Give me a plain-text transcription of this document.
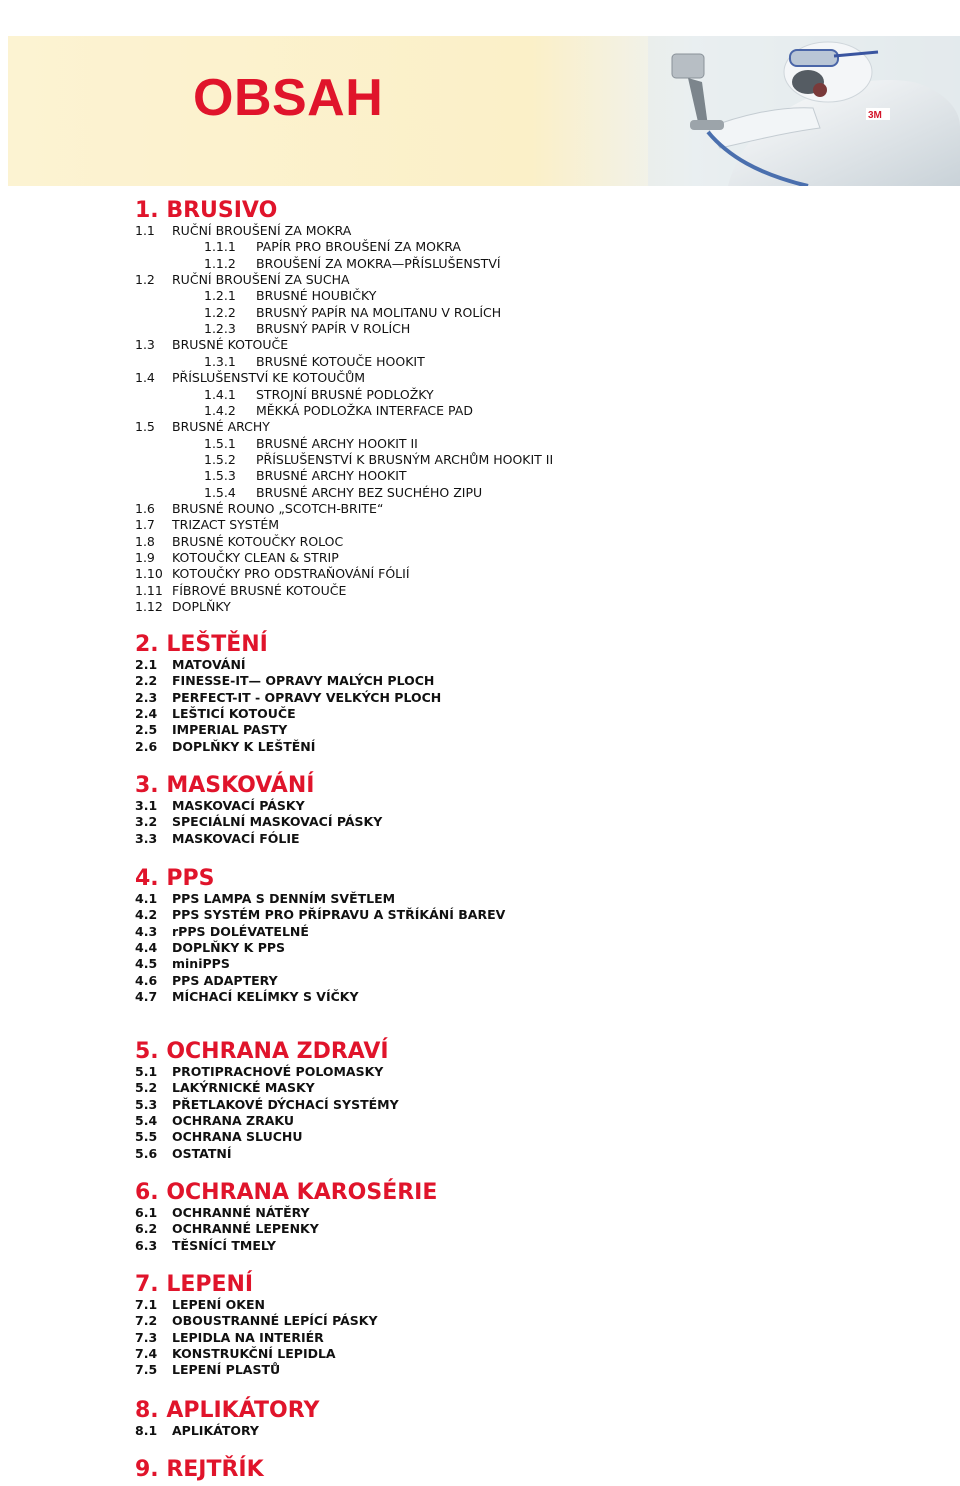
3M
OBSAH
1. BRUSIVO
1.1 RUČNÍ BROUŠENÍ ZA MOKRA
1.1.1 PAPÍR PRO BROUŠENÍ ZA MOKRA
1.1.2 BROUŠENÍ ZA MOKRA—PŘÍSLUŠENSTVÍ
1.2 RUČNÍ BROUŠENÍ ZA SUCHA
1.2.1 BRUSNÉ HOUBIČKY
1.2.2 BRUSNÝ PAPÍR NA MOLITANU V ROLÍCH
1.2.3 BRUSNÝ PAPÍR V ROLÍCH
1.3 BRUSNÉ KOTOUČE
1.3.1 BRUSNÉ KOTOUČE HOOKIT
1.4 PŘÍSLUŠENSTVÍ KE KOTOUČŮM
1.4.1 STROJNÍ BRUSNÉ PODLOŽKY
1.4.2 MĚKKÁ PODLOŽKA INTERFACE PAD
1.5 BRUSNÉ ARCHY
1.5.1 BRUSNÉ ARCHY HOOKIT II
1.5.2 PŘÍSLUŠENSTVÍ K BRUSNÝM ARCHŮM HOOKIT II
1.5.3 BRUSNÉ ARCHY HOOKIT
1.5.4 BRUSNÉ ARCHY BEZ SUCHÉHO ZIPU
1.6 BRUSNÉ ROUNO „SCOTCH-BRITE“
1.7 TRIZACT SYSTÉM
1.8 BRUSNÉ KOTOUČKY ROLOC
1.9 KOTOUČKY CLEAN & STRIP
1.10 KOTOUČKY PRO ODSTRAŇOVÁNÍ FÓLIÍ
1.11 FÍBROVÉ BRUSNÉ KOTOUČE
1.12 DOPLŇKY
2. LEŠTĚNÍ
2.1 MATOVÁNÍ
2.2 FINESSE-IT— OPRAVY MALÝCH PLOCH
2.3 PERFECT-IT - OPRAVY VELKÝCH PLOCH
2.4 LEŠTICÍ KOTOUČE
2.5 IMPERIAL PASTY
2.6 DOPLŇKY K LEŠTĚNÍ
3. MASKOVÁNÍ
3.1 MASKOVACÍ PÁSKY
3.2 SPECIÁLNÍ MASKOVACÍ PÁSKY
3.3 MASKOVACÍ FÓLIE
4. PPS
4.1 PPS LAMPA S DENNÍM SVĚTLEM
4.2 PPS SYSTÉM PRO PŘÍPRAVU A STŘÍKÁNÍ BAREV
4.3 rPPS DOLÉVATELNÉ
4.4 DOPLŇKY K PPS
4.5 miniPPS
4.6 PPS ADAPTERY
4.7 MÍCHACÍ KELÍMKY S VÍČKY
5. OCHRANA ZDRAVÍ
5.1 PROTIPRACHOVÉ POLOMASKY
5.2 LAKÝRNICKÉ MASKY
5.3 PŘETLAKOVÉ DÝCHACÍ SYSTÉMY
5.4 OCHRANA ZRAKU
5.5 OCHRANA SLUCHU
5.6 OSTATNÍ
6. OCHRANA KAROSÉRIE
6.1 OCHRANNÉ NÁTĚRY
6.2 OCHRANNÉ LEPENKY
6.3 TĚSNÍCÍ TMELY
7. LEPENÍ
7.1 LEPENÍ OKEN
7.2 OBOUSTRANNÉ LEPÍCÍ PÁSKY
7.3 LEPIDLA NA INTERIÉR
7.4 KONSTRUKČNÍ LEPIDLA
7.5 LEPENÍ PLASTŮ
8. APLIKÁTORY
8.1 APLIKÁTORY
9. REJTŘÍK
